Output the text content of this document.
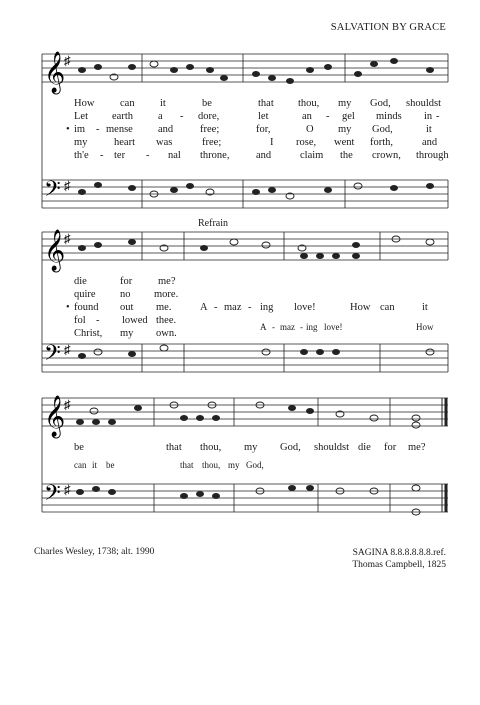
SALVATION BY GRACE
𝄞
𝄢
♯
♯
How can it	be	that thou, my God, shouldst
Let earth a - dore,	let	an - gel minds in -
• im - mense and	free;	for,	O my God,	it
my	heart was	free;	I rose, went forth,	and
th'e - ter - nal throne,	and	claim the crown, through
Refrain
𝄞
𝄢
♯
♯
die	for me?
quire no more.
• found out me.	A - maz - ing love!	How can	it
fol - lowed thee.
Christ, my own.
A - maz - ing love!	How
𝄞
𝄢
♯
♯
be	that thou, my God, shouldst die for me?
can it be	that thou, my God,
Charles Wesley, 1738; alt. 1990	SAGINA 8.8.8.8.8.8.ref.
Thomas Campbell, 1825
